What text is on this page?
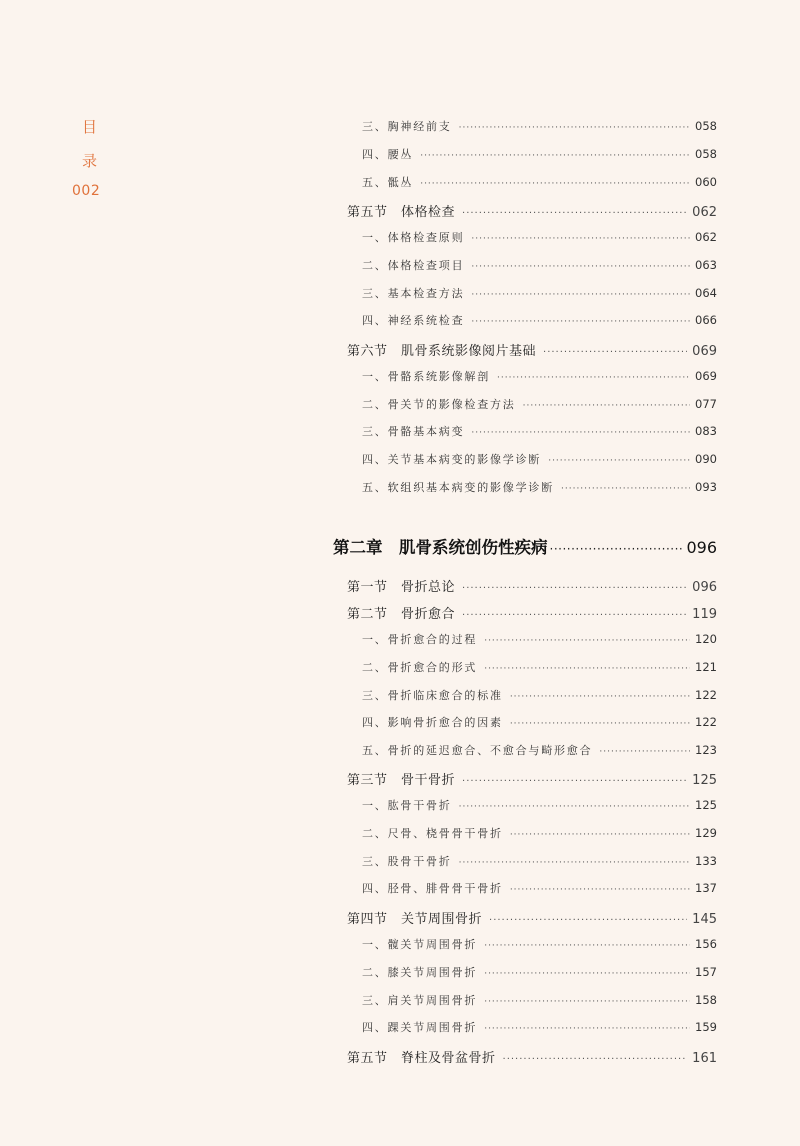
目
录
002
三、胸神经前支 ·····	058
四、腰丛 ·····	058
五、骶丛 ·····	060
第五节　体格检查 ·····	062
一、体格检查原则 ·····	062
二、体格检查项目 ·····	063
三、基本检查方法 ·····	064
四、神经系统检查 ·····	066
第六节　肌骨系统影像阅片基础 ·····	069
一、骨骼系统影像解剖 ·····	069
二、骨关节的影像检查方法 ·····	077
三、骨骼基本病变 ·····	083
四、关节基本病变的影像学诊断 ·····	090
五、软组织基本病变的影像学诊断 ·····	093
第二章　肌骨系统创伤性疾病 ·····	096
第一节　骨折总论 ·····	096
第二节　骨折愈合 ·····	119
一、骨折愈合的过程 ·····	120
二、骨折愈合的形式 ·····	121
三、骨折临床愈合的标准 ·····	122
四、影响骨折愈合的因素 ·····	122
五、骨折的延迟愈合、不愈合与畸形愈合 ·····	123
第三节　骨干骨折 ·····	125
一、肱骨干骨折 ·····	125
二、尺骨、桡骨骨干骨折 ·····	129
三、股骨干骨折 ·····	133
四、胫骨、腓骨骨干骨折 ·····	137
第四节　关节周围骨折 ·····	145
一、髋关节周围骨折 ·····	156
二、膝关节周围骨折 ·····	157
三、肩关节周围骨折 ·····	158
四、踝关节周围骨折 ·····	159
第五节　脊柱及骨盆骨折 ·····	161
